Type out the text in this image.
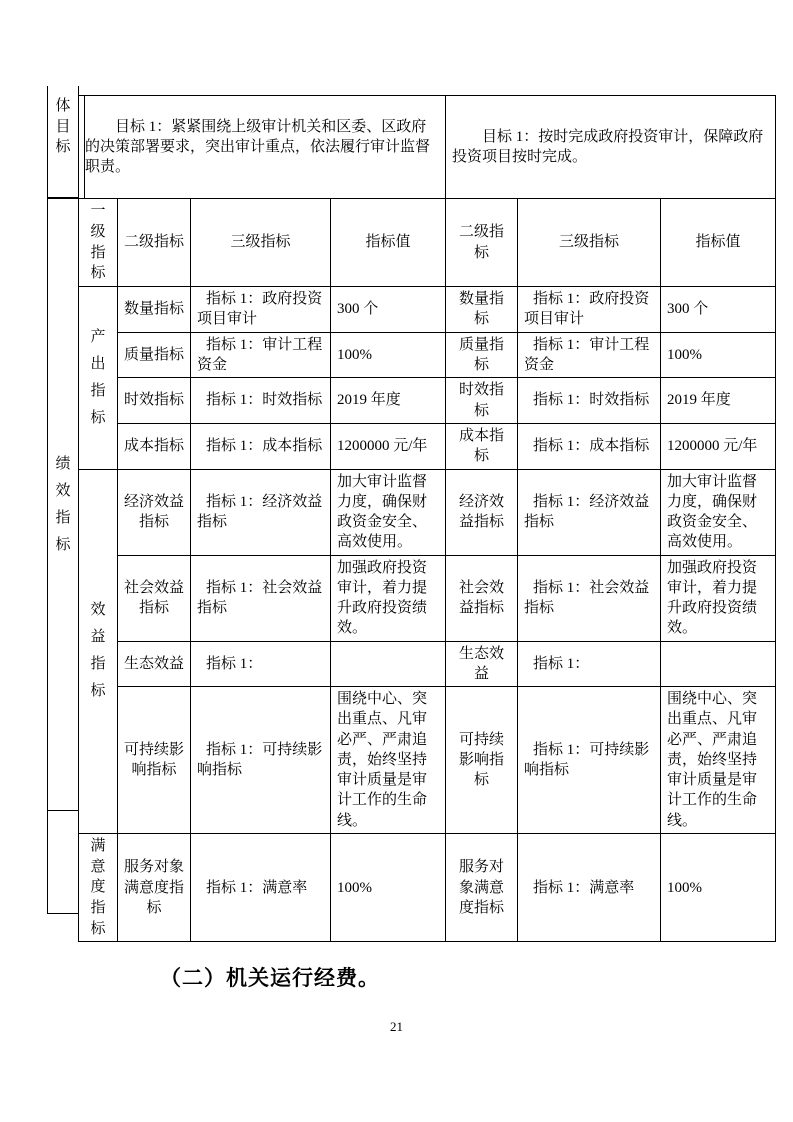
体目标
绩效指标
目标 1：紧紧围绕上级审计机关和区委、区政府的决策部署要求，突出审计重点，依法履行审计监督职责。				目标 1：按时完成政府投资审计，保障政府投资项目按时完成。		
一级指标	二级指标	三级指标	指标值	二级指标	三级指标	指标值
产出指标	数量指标	指标 1：政府投资项目审计	300 个	数量指标	指标 1：政府投资项目审计	300 个
	质量指标	指标 1：审计工程资金	100%	质量指标	指标 1：审计工程资金	100%
	时效指标	指标 1：时效指标	2019 年度	时效指标	指标 1：时效指标	2019 年度
	成本指标	指标 1：成本指标	1200000 元/年	成本指标	指标 1：成本指标	1200000 元/年
效益指标	经济效益指标	指标 1：经济效益指标	加大审计监督力度，确保财政资金安全、高效使用。	经济效益指标	指标 1：经济效益指标	加大审计监督力度，确保财政资金安全、高效使用。
	社会效益指标	指标 1：社会效益指标	加强政府投资审计，着力提升政府投资绩效。	社会效益指标	指标 1：社会效益指标	加强政府投资审计，着力提升政府投资绩效。
	生态效益	指标 1：		生态效益	指标 1：	
	可持续影响指标	指标 1：可持续影响指标	围绕中心、突出重点、凡审必严、严肃追责，始终坚持审计质量是审计工作的生命线。	可持续影响指标	指标 1：可持续影响指标	围绕中心、突出重点、凡审必严、严肃追责，始终坚持审计质量是审计工作的生命线。
满意度指标	服务对象满意度指标	指标 1：满意率	100%	服务对象满意度指标	指标 1：满意率	100%
（二）机关运行经费。
21
